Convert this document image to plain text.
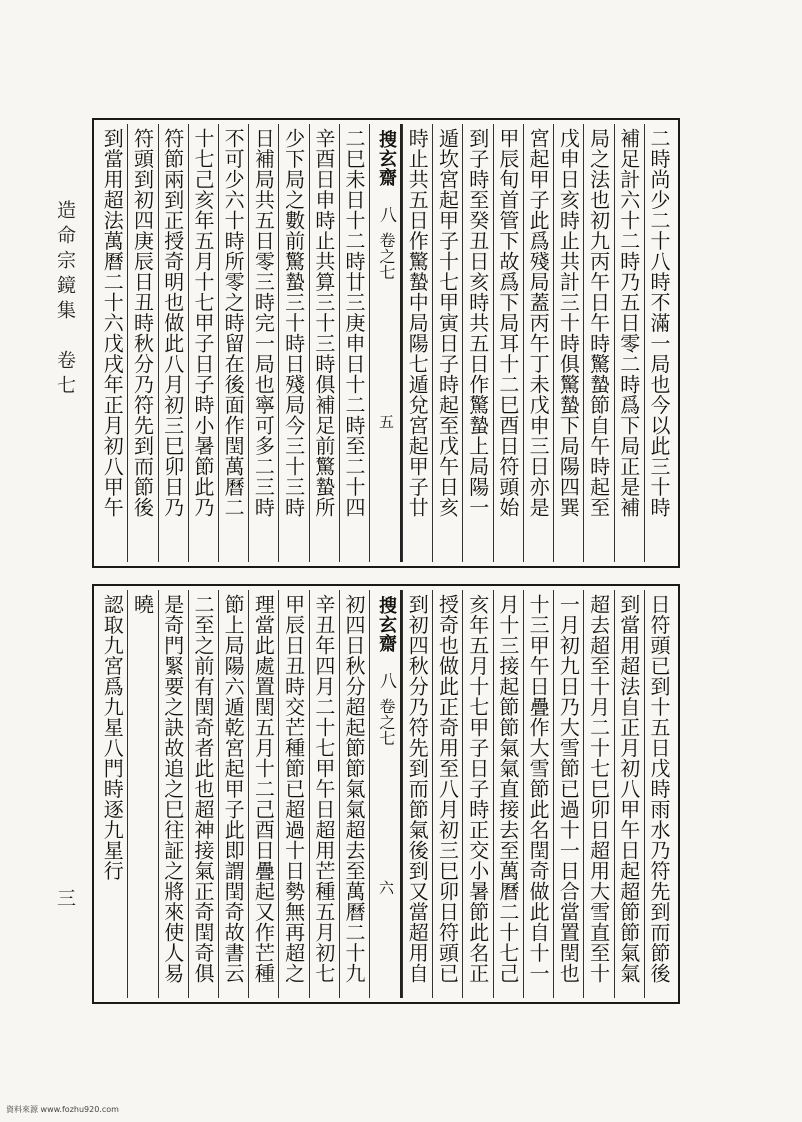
造命宗鏡集　卷七
三
二時尚少二十八時不滿一局也今以此三十時
補足計六十二時乃五日零二時爲下局正是補
局之法也初九丙午日午時驚蟄節自午時起至
戊申日亥時止共計三十時俱驚蟄下局陽四巽
宮起甲子此爲殘局蓋丙午丁未戊申三日亦是
甲辰旬首管下故爲下局耳十二巳酉日符頭始
到子時至癸丑日亥時共五日作驚蟄上局陽一
遁坎宮起甲子十七甲寅日子時起至戊午日亥
時止共五日作驚蟄中局陽七遁兌宮起甲子廿
搜玄齋
八
卷之七
五
二巳未日十二時廿三庚申日十二時至二十四
辛酉日申時止共算三十三時俱補足前驚蟄所
少下局之數前驚蟄三十時日殘局今三十三時
日補局共五日零三時完一局也寧可多二三時
不可少六十時所零之時留在後面作閏萬曆二
十七己亥年五月十七甲子日子時小暑節此乃
符節兩到正授奇明也做此八月初三巳卯日乃
符頭到初四庚辰日丑時秋分乃符先到而節後
到當用超法萬曆二十六戊戌年正月初八甲午
日符頭已到十五日戊時雨水乃符先到而節後
到當用超法自正月初八甲午日起超節節氣氣
超去超至十月二十七巳卯日超用大雪直至十
一月初九日乃大雪節已過十一日合當置閏也
十三甲午日疊作大雪節此名閏奇做此自十一
月十三接起節節氣氣直接去至萬曆二十七己
亥年五月十七甲子日子時正交小暑節此名正
授奇也做此正奇用至八月初三巳卯日符頭已
到初四秋分乃符先到而節氣後到又當超用自
搜玄齋
八
卷之七
六
初四日秋分超起節節氣氣超去至萬曆二十九
辛丑年四月二十七甲午日超用芒種五月初七
甲辰日丑時交芒種節已超過十日勢無再超之
理當此處置閏五月十二己酉日疊起又作芒種
節上局陽六遁乾宮起甲子此即謂閏奇故書云
二至之前有閏奇者此也超神接氣正奇閏奇俱
是奇門緊要之訣故追之巳往証之將來使人易
曉
認取九宮爲九星八門時逐九星行
資料來源 www.fozhu920.com
